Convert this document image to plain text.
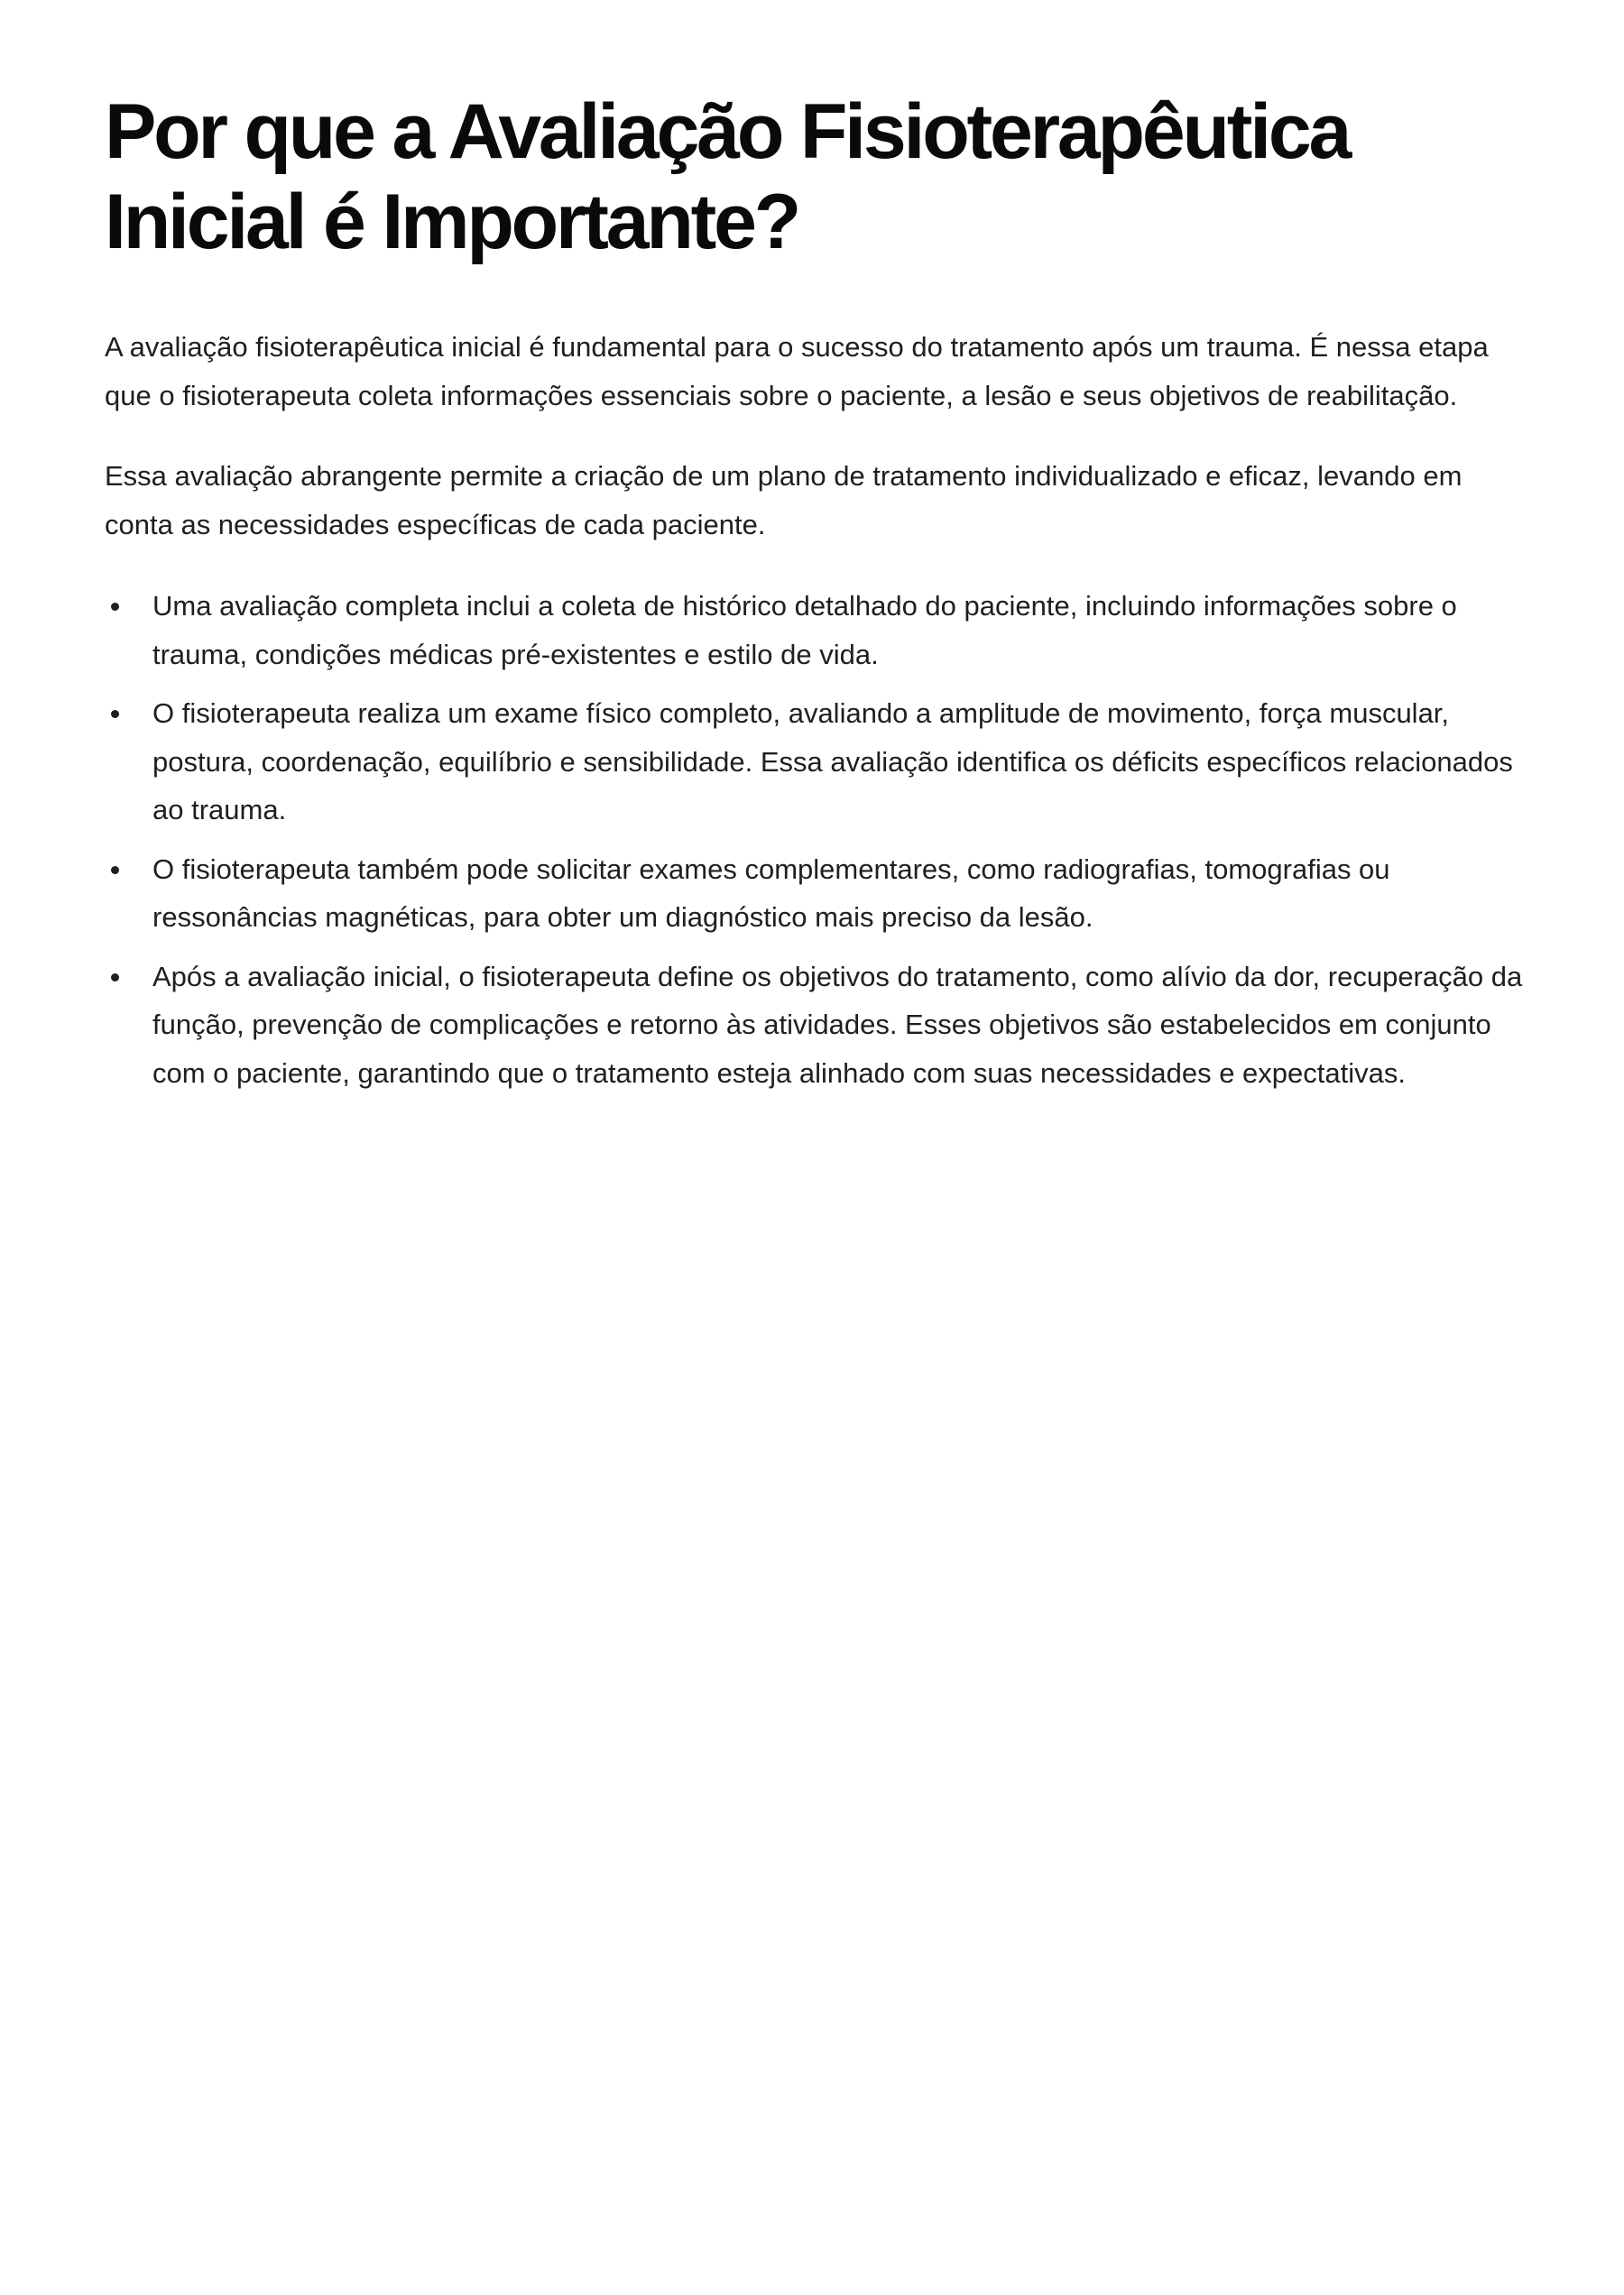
Por que a Avaliação Fisioterapêutica
Inicial é Importante?

A avaliação fisioterapêutica inicial é fundamental para o sucesso do tratamento após um trauma. É nessa etapa que o fisioterapeuta coleta informações essenciais sobre o paciente, a lesão e seus objetivos de reabilitação.

Essa avaliação abrangente permite a criação de um plano de tratamento individualizado e eficaz, levando em conta as necessidades específicas de cada paciente.

Uma avaliação completa inclui a coleta de histórico detalhado do paciente, incluindo informações sobre o trauma, condições médicas pré-existentes e estilo de vida.
O fisioterapeuta realiza um exame físico completo, avaliando a amplitude de movimento, força muscular, postura, coordenação, equilíbrio e sensibilidade. Essa avaliação identifica os déficits específicos relacionados ao trauma.
O fisioterapeuta também pode solicitar exames complementares, como radiografias, tomografias ou ressonâncias magnéticas, para obter um diagnóstico mais preciso da lesão.
Após a avaliação inicial, o fisioterapeuta define os objetivos do tratamento, como alívio da dor, recuperação da função, prevenção de complicações e retorno às atividades. Esses objetivos são estabelecidos em conjunto com o paciente, garantindo que o tratamento esteja alinhado com suas necessidades e expectativas.
